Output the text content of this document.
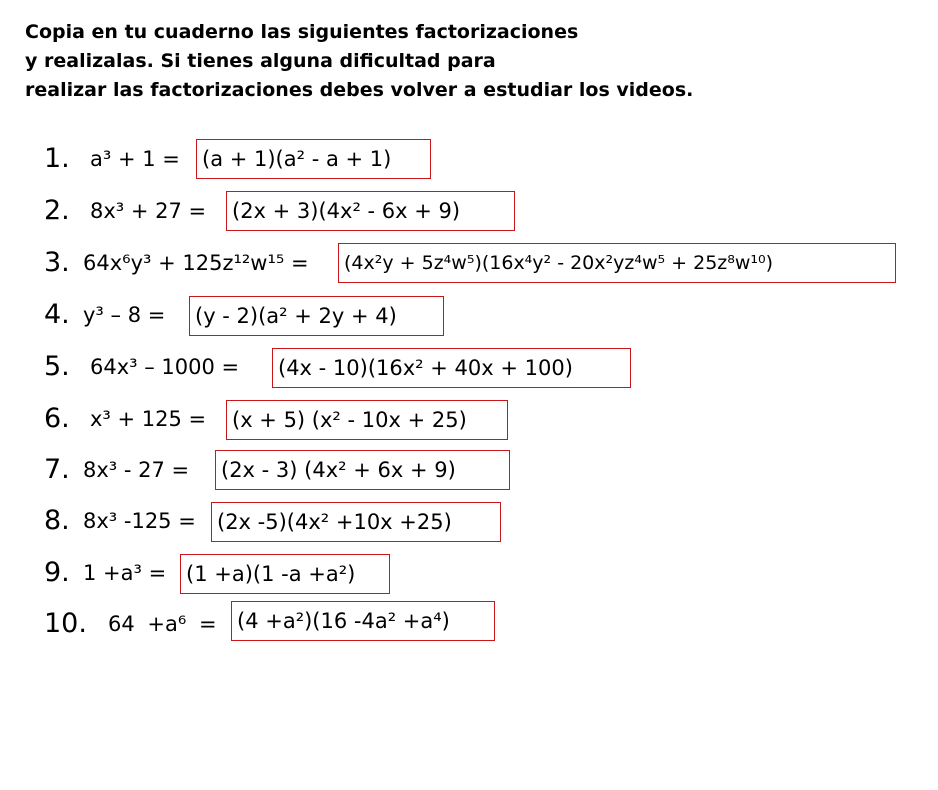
Copia en tu cuaderno las siguientes factorizaciones
y realizalas. Si tienes alguna dificultad para
realizar las factorizaciones debes volver a estudiar los videos.
1. a³ + 1 = (a + 1)(a² - a + 1)
2. 8x³ + 27 = (2x + 3)(4x² - 6x + 9)
3. 64x⁶y³ + 125z¹²w¹⁵ =	(4x²y + 5z⁴w⁵)(16x⁴y² - 20x²yz⁴w⁵ + 25z⁸w¹⁰)
4. y³ – 8 = (y - 2)(a² + 2y + 4)
5. 64x³ – 1000 = (4x - 10)(16x² + 40x + 100)
6. x³ + 125 = (x + 5) (x² - 10x + 25)
7. 8x³ - 27 = (2x - 3) (4x² + 6x + 9)
8. 8x³ -125 = (2x -5)(4x² +10x +25)
9. 1 +a³ = (1 +a)(1 -a +a²)
10. 64 +a⁶ = (4 +a²)(16 -4a² +a⁴)
